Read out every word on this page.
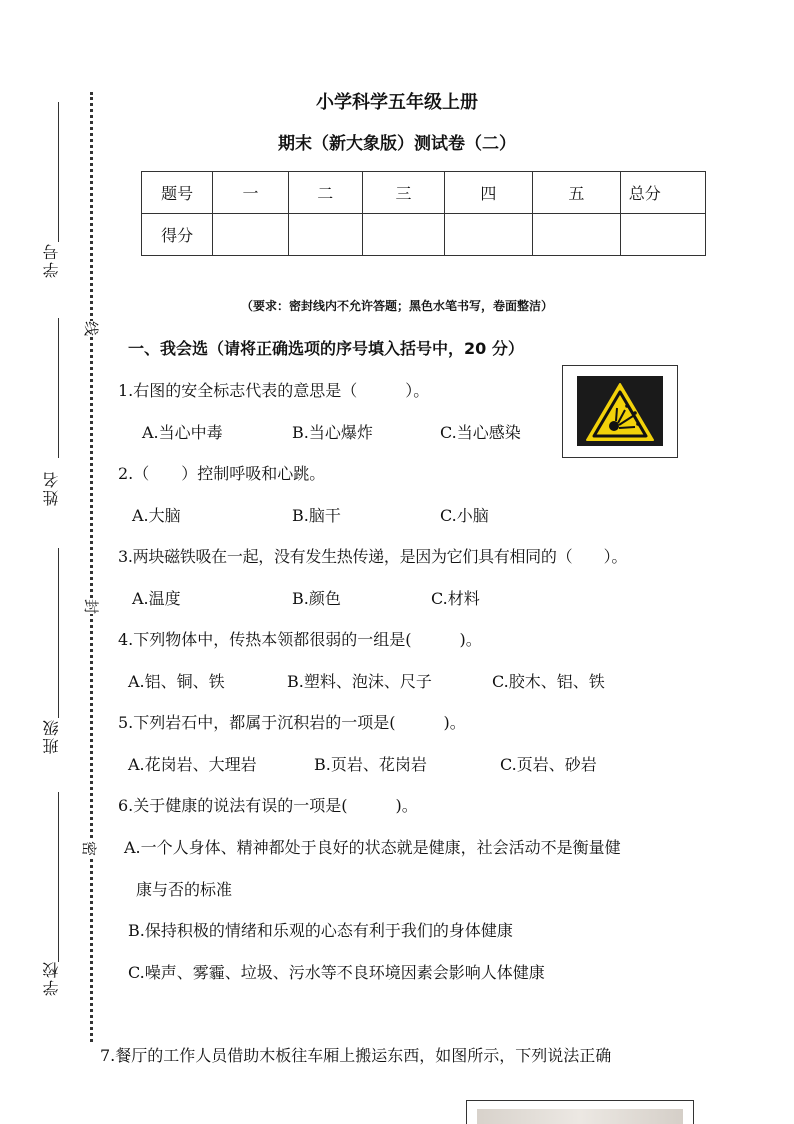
学号
姓名
班级
学校
线
封
密
小学科学五年级上册
期末（新大象版）测试卷（二）
题号	一	二	三	四	五	总分
得分						
（要求：密封线内不允许答题；黑色水笔书写，卷面整洁）
一、我会选（请将正确选项的序号填入括号中，20 分）
1.右图的安全标志代表的意思是（　　　）。
A.当心中毒	B.当心爆炸	C.当心感染
2.（　　）控制呼吸和心跳。
A.大脑	B.脑干	C.小脑
3.两块磁铁吸在一起，没有发生热传递，是因为它们具有相同的（　　）。
A.温度	B.颜色	C.材料
4.下列物体中，传热本领都很弱的一组是(　　　)。
A.铝、铜、铁	B.塑料、泡沫、尺子	C.胶木、铝、铁
5.下列岩石中，都属于沉积岩的一项是(　　　)。
A.花岗岩、大理岩	B.页岩、花岗岩	C.页岩、砂岩
6.关于健康的说法有误的一项是(　　　)。
A.一个人身体、精神都处于良好的状态就是健康，社会活动不是衡量健
康与否的标准
B.保持积极的情绪和乐观的心态有利于我们的身体健康
C.噪声、雾霾、垃圾、污水等不良环境因素会影响人体健康
7.餐厅的工作人员借助木板往车厢上搬运东西，如图所示，下列说法正确
